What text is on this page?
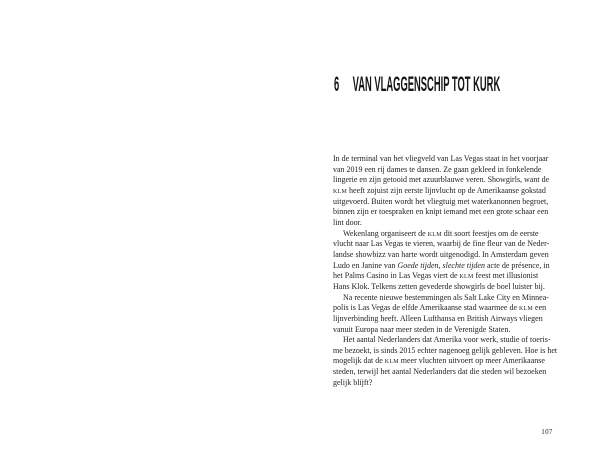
6 VAN VLAGGENSCHIP TOT KURK
In de terminal van het vliegveld van Las Vegas staat in het voorjaar
van 2019 een rij dames te dansen. Ze gaan gekleed in fonkelende
lingerie en zijn getooid met azuurblauwe veren. Showgirls, want de
KLM heeft zojuist zijn eerste lijnvlucht op de Amerikaanse gokstad
uitgevoerd. Buiten wordt het vliegtuig met waterkanonnen begroet,
binnen zijn er toespraken en knipt iemand met een grote schaar een
lint door.
Wekenlang organiseert de KLM dit soort feestjes om de eerste
vlucht naar Las Vegas te vieren, waarbij de fine fleur van de Neder-
landse showbizz van harte wordt uitgenodigd. In Amsterdam geven
Ludo en Janine van Goede tijden, slechte tijden acte de présence, in
het Palms Casino in Las Vegas viert de KLM feest met illusionist
Hans Klok. Telkens zetten gevederde showgirls de boel luister bij.
Na recente nieuwe bestemmingen als Salt Lake City en Minnea-
polis is Las Vegas de elfde Amerikaanse stad waarmee de KLM een
lijnverbinding heeft. Alleen Lufthansa en British Airways vliegen
vanuit Europa naar meer steden in de Verenigde Staten.
Het aantal Nederlanders dat Amerika voor werk, studie of toeris-
me bezoekt, is sinds 2015 echter nagenoeg gelijk gebleven. Hoe is het
mogelijk dat de KLM meer vluchten uitvoert op meer Amerikaanse
steden, terwijl het aantal Nederlanders dat die steden wil bezoeken
gelijk blijft?
107
